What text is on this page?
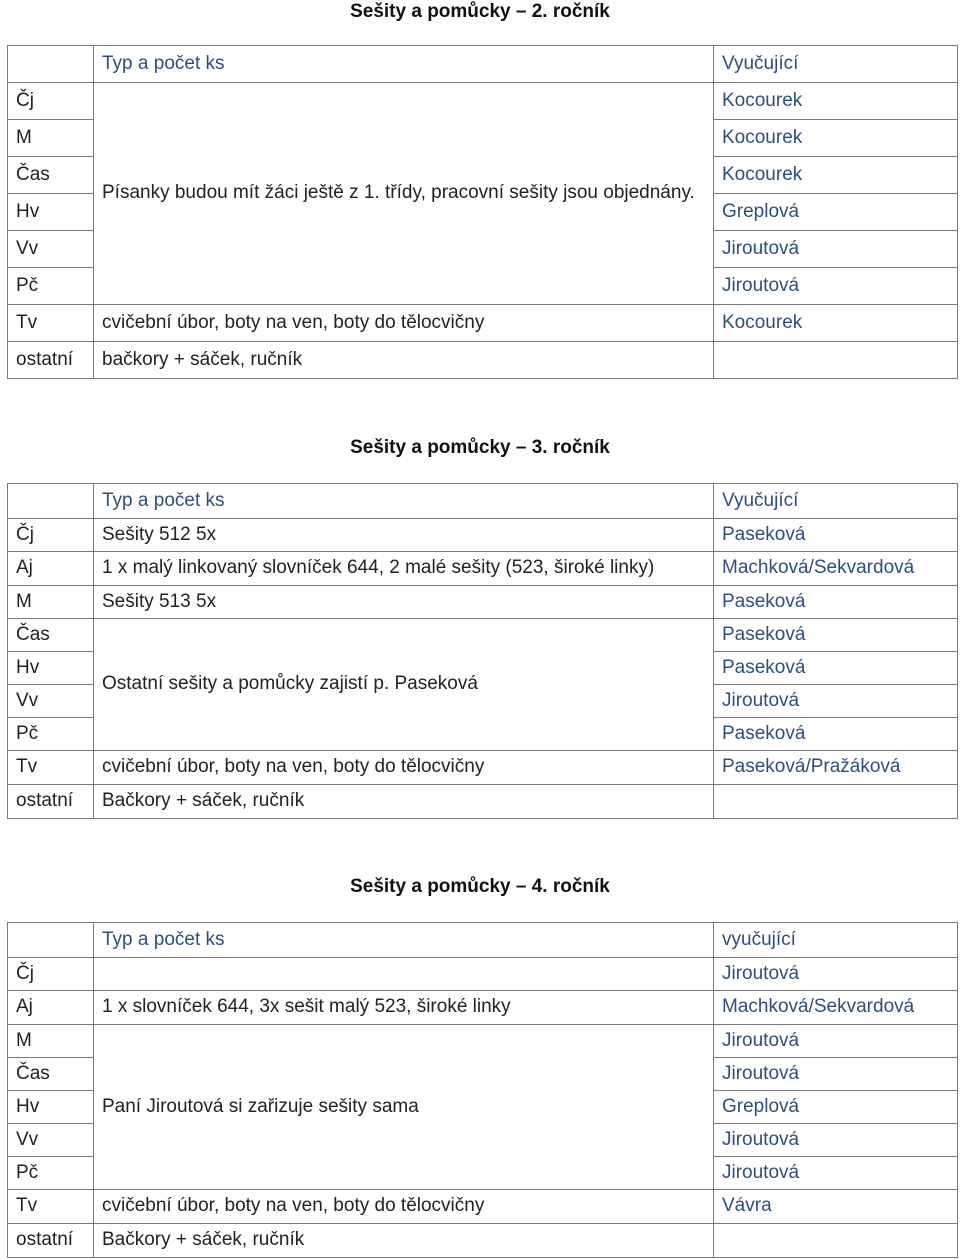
Sešity a pomůcky – 2. ročník
	Typ a počet ks	Vyučující
Čj	Písanky budou mít žáci ještě z 1. třídy, pracovní sešity jsou objednány.	Kocourek
M		Kocourek
Čas		Kocourek
Hv		Greplová
Vv		Jiroutová
Pč		Jiroutová
Tv	cvičební úbor, boty na ven, boty do tělocvičny	Kocourek
ostatní	bačkory + sáček, ručník	
Sešity a pomůcky – 3. ročník
	Typ a počet ks	Vyučující
Čj	Sešity 512 5x	Paseková
Aj	1 x malý linkovaný slovníček 644, 2 malé sešity (523, široké linky)	Machková/Sekvardová
M	Sešity 513 5x	Paseková
Čas	Ostatní sešity a pomůcky zajistí p. Paseková	Paseková
Hv		Paseková
Vv		Jiroutová
Pč		Paseková
Tv	cvičební úbor, boty na ven, boty do tělocvičny	Paseková/Pražáková
ostatní	Bačkory + sáček, ručník	
Sešity a pomůcky – 4. ročník
	Typ a počet ks	vyučující
Čj		Jiroutová
Aj	1 x slovníček 644, 3x sešit malý 523, široké linky	Machková/Sekvardová
M	Paní Jiroutová si zařizuje sešity sama	Jiroutová
Čas		Jiroutová
Hv		Greplová
Vv		Jiroutová
Pč		Jiroutová
Tv	cvičební úbor, boty na ven, boty do tělocvičny	Vávra
ostatní	Bačkory + sáček, ručník	
